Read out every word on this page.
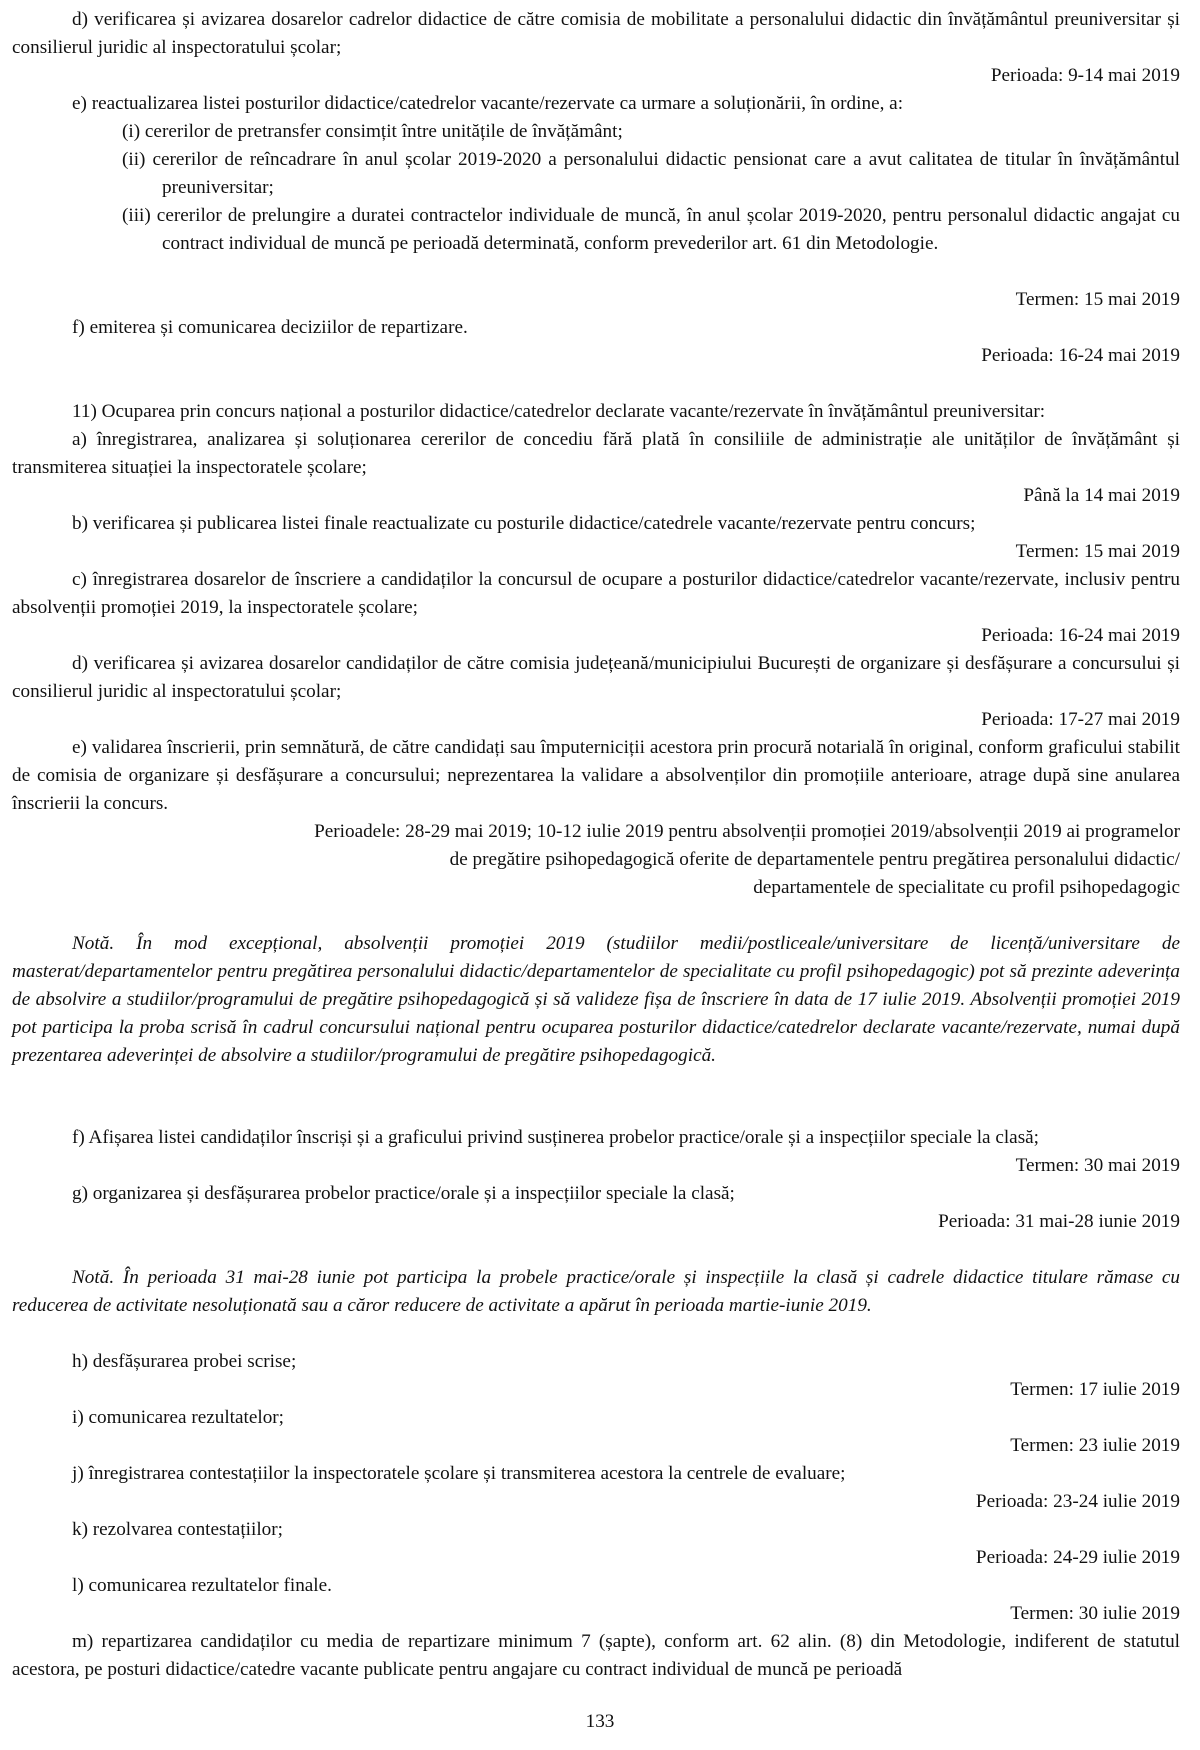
d) verificarea și avizarea dosarelor cadrelor didactice de către comisia de mobilitate a personalului didactic din învățământul preuniversitar și consilierul juridic al inspectoratului școlar;
Perioada: 9-14 mai 2019
e) reactualizarea listei posturilor didactice/catedrelor vacante/rezervate ca urmare a soluționării, în ordine, a:
(i) cererilor de pretransfer consimțit între unitățile de învățământ;
(ii) cererilor de reîncadrare în anul școlar 2019-2020 a personalului didactic pensionat care a avut calitatea de titular în învățământul preuniversitar;
(iii) cererilor de prelungire a duratei contractelor individuale de muncă, în anul școlar 2019-2020, pentru personalul didactic angajat cu contract individual de muncă pe perioadă determinată, conform prevederilor art. 61 din Metodologie.
Termen: 15 mai 2019
f) emiterea și comunicarea deciziilor de repartizare.
Perioada: 16-24 mai 2019
11) Ocuparea prin concurs național a posturilor didactice/catedrelor declarate vacante/rezervate în învățământul preuniversitar:
a) înregistrarea, analizarea și soluționarea cererilor de concediu fără plată în consiliile de administrație ale unităților de învățământ și transmiterea situației la inspectoratele școlare;
Până la 14 mai 2019
b) verificarea și publicarea listei finale reactualizate cu posturile didactice/catedrele vacante/rezervate pentru concurs;
Termen: 15 mai 2019
c) înregistrarea dosarelor de înscriere a candidaților la concursul de ocupare a posturilor didactice/catedrelor vacante/rezervate, inclusiv pentru absolvenții promoției 2019, la inspectoratele școlare;
Perioada: 16-24 mai 2019
d) verificarea și avizarea dosarelor candidaților de către comisia județeană/municipiului București de organizare și desfășurare a concursului și consilierul juridic al inspectoratului școlar;
Perioada: 17-27 mai 2019
e) validarea înscrierii, prin semnătură, de către candidați sau împuterniciții acestora prin procură notarială în original, conform graficului stabilit de comisia de organizare și desfășurare a concursului; neprezentarea la validare a absolvenților din promoțiile anterioare, atrage după sine anularea înscrierii la concurs.
Perioadele: 28-29 mai 2019; 10-12 iulie 2019 pentru absolvenții promoției 2019/absolvenții 2019 ai programelor
de pregătire psihopedagogică oferite de departamentele pentru pregătirea personalului didactic/
departamentele de specialitate cu profil psihopedagogic
Notă. În mod excepțional, absolvenții promoției 2019 (studiilor medii/postliceale/universitare de licență/universitare de masterat/departamentelor pentru pregătirea personalului didactic/departamentelor de specialitate cu profil psihopedagogic) pot să prezinte adeverința de absolvire a studiilor/programului de pregătire psihopedagogică și să valideze fișa de înscriere în data de 17 iulie 2019. Absolvenții promoției 2019 pot participa la proba scrisă în cadrul concursului național pentru ocuparea posturilor didactice/catedrelor declarate vacante/rezervate, numai după prezentarea adeverinței de absolvire a studiilor/programului de pregătire psihopedagogică.
f) Afișarea listei candidaților înscriși și a graficului privind susținerea probelor practice/orale și a inspecțiilor speciale la clasă;
Termen: 30 mai 2019
g) organizarea și desfășurarea probelor practice/orale și a inspecțiilor speciale la clasă;
Perioada: 31 mai-28 iunie 2019
Notă. În perioada 31 mai-28 iunie pot participa la probele practice/orale și inspecțiile la clasă și cadrele didactice titulare rămase cu reducerea de activitate nesoluționată sau a căror reducere de activitate a apărut în perioada martie-iunie 2019.
h) desfășurarea probei scrise;
Termen: 17 iulie 2019
i) comunicarea rezultatelor;
Termen: 23 iulie 2019
j) înregistrarea contestațiilor la inspectoratele școlare și transmiterea acestora la centrele de evaluare;
Perioada: 23-24 iulie 2019
k) rezolvarea contestațiilor;
Perioada: 24-29 iulie 2019
l) comunicarea rezultatelor finale.
Termen: 30 iulie 2019
m) repartizarea candidaților cu media de repartizare minimum 7 (șapte), conform art. 62 alin. (8) din Metodologie, indiferent de statutul acestora, pe posturi didactice/catedre vacante publicate pentru angajare cu contract individual de muncă pe perioadă
133
